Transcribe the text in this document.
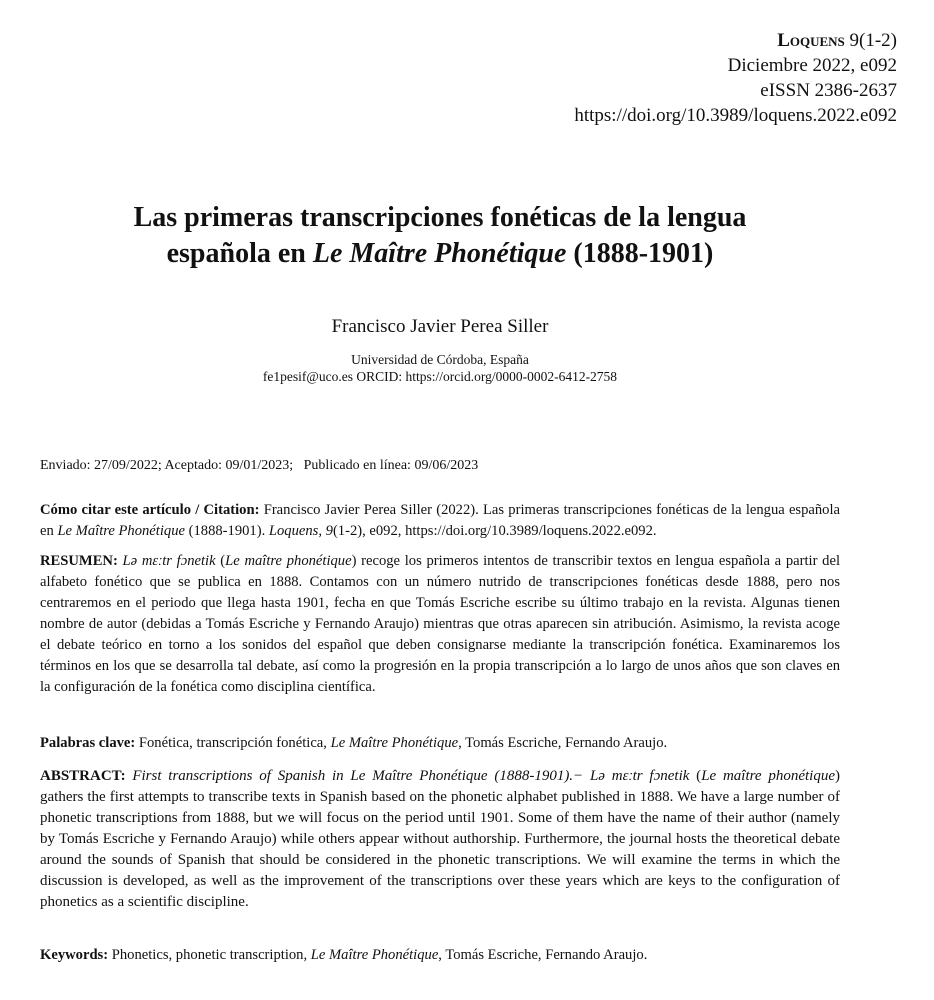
Loquens 9(1-2)
Diciembre 2022, e092
eISSN 2386-2637
https://doi.org/10.3989/loquens.2022.e092
Las primeras transcripciones fonéticas de la lengua
española en Le Maître Phonétique (1888-1901)
Francisco Javier Perea Siller
Universidad de Córdoba, España
fe1pesif@uco.es ORCID: https://orcid.org/0000-0002-6412-2758
Enviado: 27/09/2022; Aceptado: 09/01/2023;   Publicado en línea: 09/06/2023
Cómo citar este artículo / Citation: Francisco Javier Perea Siller (2022). Las primeras transcripciones fonéticas de la lengua española en Le Maître Phonétique (1888-1901). Loquens, 9(1-2), e092, https://doi.org/10.3989/loquens.2022.e092.
RESUMEN: Lə mɛːtr fɔnetik (Le maître phonétique) recoge los primeros intentos de transcribir textos en lengua española a partir del alfabeto fonético que se publica en 1888. Contamos con un número nutrido de transcripciones fonéticas desde 1888, pero nos centraremos en el periodo que llega hasta 1901, fecha en que Tomás Escriche escribe su último trabajo en la revista. Algunas tienen nombre de autor (debidas a Tomás Escriche y Fernando Araujo) mientras que otras aparecen sin atribución. Asimismo, la revista acoge el debate teórico en torno a los sonidos del español que deben consignarse mediante la transcripción fonética. Examinaremos los términos en los que se desarrolla tal debate, así como la progresión en la propia transcripción a lo largo de unos años que son claves en la configuración de la fonética como disciplina científica.
Palabras clave: Fonética, transcripción fonética, Le Maître Phonétique, Tomás Escriche, Fernando Araujo.
ABSTRACT: First transcriptions of Spanish in Le Maître Phonétique (1888-1901).− Lə mɛːtr fɔnetik (Le maître phonétique) gathers the first attempts to transcribe texts in Spanish based on the phonetic alphabet published in 1888. We have a large number of phonetic transcriptions from 1888, but we will focus on the period until 1901. Some of them have the name of their author (namely by Tomás Escriche y Fernando Araujo) while others appear without authorship. Furthermore, the journal hosts the theoretical debate around the sounds of Spanish that should be considered in the phonetic transcriptions. We will examine the terms in which the discussion is developed, as well as the improvement of the transcriptions over these years which are keys to the configuration of phonetics as a scientific discipline.
Keywords: Phonetics, phonetic transcription, Le Maître Phonétique, Tomás Escriche, Fernando Araujo.
